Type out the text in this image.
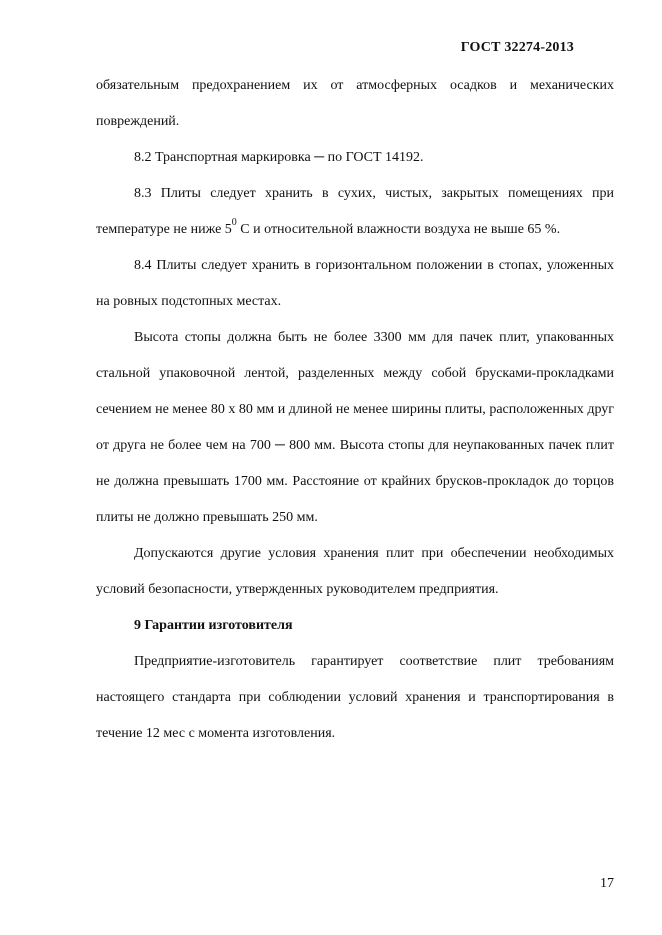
ГОСТ 32274-2013

обязательным предохранением их от атмосферных осадков и механических повреждений.

8.2 Транспортная маркировка ─ по ГОСТ 14192.

8.3 Плиты следует хранить в сухих, чистых, закрытых помещениях при температуре не ниже $5^0$ С и относительной влажности воздуха не выше 65 %.

8.4 Плиты следует хранить в горизонтальном положении в стопах, уложенных на ровных подстопных местах.

Высота стопы должна быть не более 3300 мм для пачек плит, упакованных стальной упаковочной лентой, разделенных между собой брусками-прокладками сечением не менее 80 х 80 мм и длиной не менее ширины плиты, расположенных друг от друга не более чем на 700 ─ 800 мм. Высота стопы для неупакованных пачек плит не должна превышать 1700 мм. Расстояние от крайних брусков-прокладок до торцов плиты не должно превышать 250 мм.

Допускаются другие условия хранения плит при обеспечении необходимых условий безопасности, утвержденных руководителем предприятия.

9 Гарантии изготовителя

Предприятие-изготовитель гарантирует соответствие плит требованиям настоящего стандарта при соблюдении условий хранения и транспортирования в течение 12 мес с момента изготовления.

17
